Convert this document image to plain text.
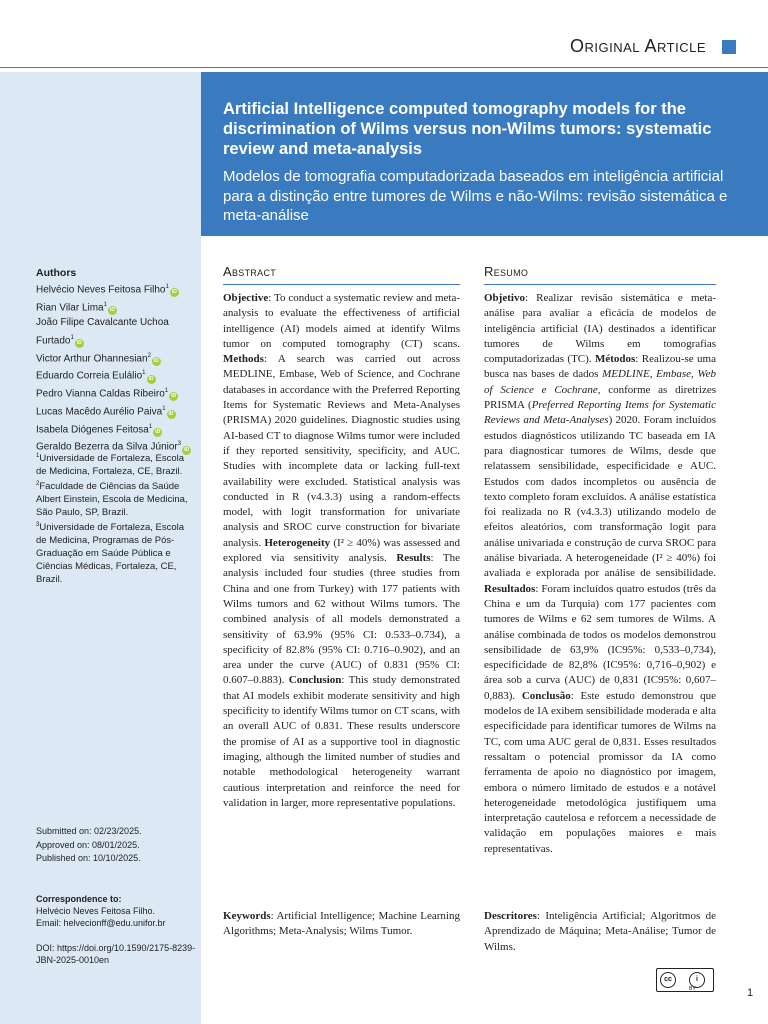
Original Article
Artificial Intelligence computed tomography models for the discrimination of Wilms versus non-Wilms tumors: systematic review and meta-analysis
Modelos de tomografia computadorizada baseados em inteligência artificial para a distinção entre tumores de Wilms e não-Wilms: revisão sistemática e meta-análise
Authors
Helvécio Neves Feitosa Filho$^1$iD
Rian Vilar Lima$^1$iD
João Filipe Cavalcante Uchoa Furtado$^1$iD
Victor Arthur Ohannesian$^2$iD
Eduardo Correia Eulálio$^1$iD
Pedro Vianna Caldas Ribeiro$^1$iD
Lucas Macêdo Aurélio Paiva$^1$iD
Isabela Diógenes Feitosa$^1$iD
Geraldo Bezerra da Silva Júnior$^3$iD

$^1$Universidade de Fortaleza, Escola de Medicina, Fortaleza, CE, Brazil.

$^2$Faculdade de Ciências da Saúde Albert Einstein, Escola de Medicina, São Paulo, SP, Brazil.

$^3$Universidade de Fortaleza, Escola de Medicina, Programas de Pós-Graduação em Saúde Pública e Ciências Médicas, Fortaleza, CE, Brazil.

Submitted on: 02/23/2025.
Approved on: 08/01/2025.
Published on: 10/10/2025.
Correspondence to:
Helvécio Neves Feitosa Filho.
Email: helvecionff@edu.unifor.br
DOI: https://doi.org/10.1590/2175-8239-JBN-2025-0010en
Abstract	Resumo
Objective: To conduct a systematic review and meta-analysis to evaluate the effectiveness of artificial intelligence (AI) models aimed at identify Wilms tumor on computed tomography (CT) scans. Methods: A search was carried out across MEDLINE, Embase, Web of Science, and Cochrane databases in accordance with the Preferred Reporting Items for Systematic Reviews and Meta-Analyses (PRISMA) 2020 guidelines. Diagnostic studies using AI-based CT to diagnose Wilms tumor were included if they reported sensitivity, specificity, and AUC. Studies with incomplete data or lacking full-text availability were excluded. Statistical analysis was conducted in R (v4.3.3) using a random-effects model, with logit transformation for univariate analysis and SROC curve construction for bivariate analysis. Heterogeneity (I² ≥ 40%) was assessed and explored via sensitivity analysis. Results: The analysis included four studies (three studies from China and one from Turkey) with 177 patients with Wilms tumors and 62 without Wilms tumors. The combined analysis of all models demonstrated a sensitivity of 63.9% (95% CI: 0.533–0.734), a specificity of 82.8% (95% CI: 0.716–0.902), and an area under the curve (AUC) of 0.831 (95% CI: 0.607–0.883). Conclusion: This study demonstrated that AI models exhibit moderate sensitivity and high specificity to identify Wilms tumor on CT scans, with an overall AUC of 0.831. These results underscore the promise of AI as a supportive tool in diagnostic imaging, although the limited number of studies and notable methodological heterogeneity warrant cautious interpretation and reinforce the need for validation in larger, more representative populations.
Keywords: Artificial Intelligence; Machine Learning Algorithms; Meta-Analysis; Wilms Tumor.
Objetivo: Realizar revisão sistemática e meta-análise para avaliar a eficácia de modelos de inteligência artificial (IA) destinados a identificar tumores de Wilms em tomografias computadorizadas (TC). Métodos: Realizou-se uma busca nas bases de dados MEDLINE, Embase, Web of Science e Cochrane, conforme as diretrizes PRISMA (Preferred Reporting Items for Systematic Reviews and Meta-Analyses) 2020. Foram incluídos estudos diagnósticos utilizando TC baseada em IA para diagnosticar tumores de Wilms, desde que relatassem sensibilidade, especificidade e AUC. Estudos com dados incompletos ou ausência de texto completo foram excluídos. A análise estatística foi realizada no R (v4.3.3) utilizando modelo de efeitos aleatórios, com transformação logit para análise univariada e construção de curva SROC para análise bivariada. A heterogeneidade (I² ≥ 40%) foi avaliada e explorada por análise de sensibilidade. Resultados: Foram incluídos quatro estudos (três da China e um da Turquia) com 177 pacientes com tumores de Wilms e 62 sem tumores de Wilms. A análise combinada de todos os modelos demonstrou sensibilidade de 63,9% (IC95%: 0,533–0,734), especificidade de 82,8% (IC95%: 0,716–0,902) e área sob a curva (AUC) de 0,831 (IC95%: 0,607–0,883). Conclusão: Este estudo demonstrou que modelos de IA exibem sensibilidade moderada e alta especificidade para identificar tumores de Wilms na TC, com uma AUC geral de 0,831. Esses resultados ressaltam o potencial promissor da IA como ferramenta de apoio no diagnóstico por imagem, embora o número limitado de estudos e a notável heterogeneidade metodológica justifiquem uma interpretação cautelosa e reforcem a necessidade de validação em populações maiores e mais representativas.
Descritores: Inteligência Artificial; Algoritmos de Aprendizado de Máquina; Meta-Análise; Tumor de Wilms.
cc	i
BY	1
